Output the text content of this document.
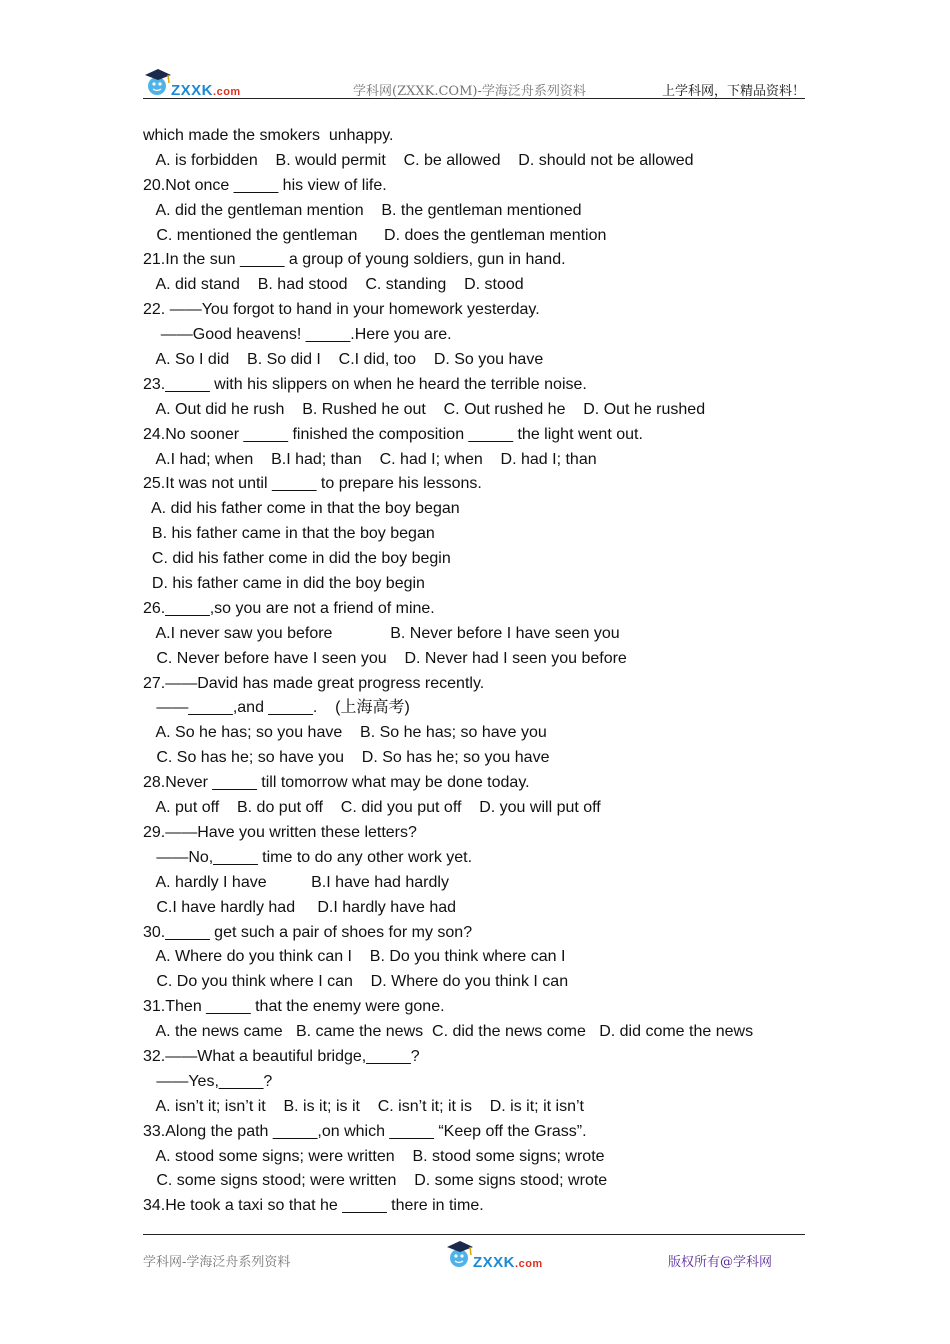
ZXXK.com	学科网(ZXXK.COM)-学海泛舟系列资料	上学科网，下精品资料！
which made the smokers  unhappy.
A. is forbidden    B. would permit    C. be allowed    D. should not be allowed
20.Not once _____ his view of life.
A. did the gentleman mention    B. the gentleman mentioned
C. mentioned the gentleman      D. does the gentleman mention
21.In the sun _____ a group of young soldiers, gun in hand.
A. did stand    B. had stood    C. standing    D. stood
22. ——You forgot to hand in your homework yesterday.
——Good heavens! _____.Here you are.
A. So I did    B. So did I    C.I did, too    D. So you have
23._____ with his slippers on when he heard the terrible noise.
A. Out did he rush    B. Rushed he out    C. Out rushed he    D. Out he rushed
24.No sooner _____ finished the composition _____ the light went out.
A.I had; when    B.I had; than    C. had I; when    D. had I; than
25.It was not until _____ to prepare his lessons.
A. did his father come in that the boy began
B. his father came in that the boy began
C. did his father come in did the boy begin
D. his father came in did the boy begin
26._____,so you are not a friend of mine.
A.I never saw you before             B. Never before I have seen you
C. Never before have I seen you    D. Never had I seen you before
27.——David has made great progress recently.
——_____,and _____.    (上海高考)
A. So he has; so you have    B. So he has; so have you
C. So has he; so have you    D. So has he; so you have
28.Never _____ till tomorrow what may be done today.
A. put off    B. do put off    C. did you put off    D. you will put off
29.——Have you written these letters?
——No,_____ time to do any other work yet.
A. hardly I have          B.I have had hardly
C.I have hardly had     D.I hardly have had
30._____ get such a pair of shoes for my son?
A. Where do you think can I    B. Do you think where can I
C. Do you think where I can    D. Where do you think I can
31.Then _____ that the enemy were gone.
A. the news came   B. came the news  C. did the news come   D. did come the news
32.——What a beautiful bridge,_____?
——Yes,_____?
A. isn’t it; isn’t it    B. is it; is it    C. isn’t it; it is    D. is it; it isn’t
33.Along the path _____,on which _____ “Keep off the Grass”.
A. stood some signs; were written    B. stood some signs; wrote
C. some signs stood; were written    D. some signs stood; wrote
34.He took a taxi so that he _____ there in time.
学科网-学海泛舟系列资料	ZXXK.com	版权所有@学科网
